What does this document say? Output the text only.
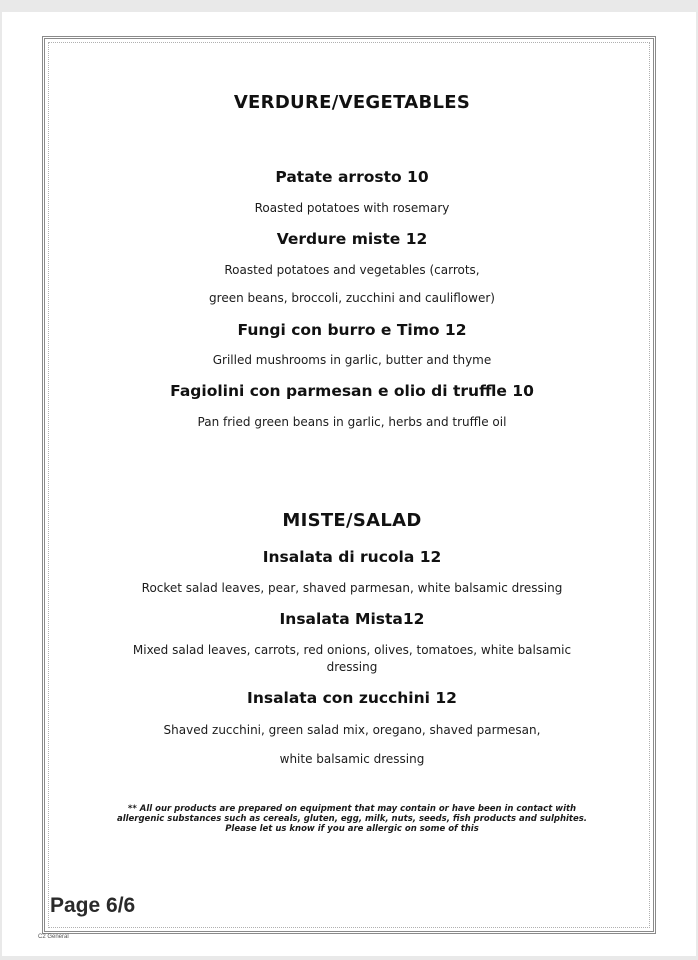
VERDURE/VEGETABLES
Patate arrosto 10
Roasted potatoes with rosemary
Verdure miste 12
Roasted potatoes and vegetables (carrots,
green beans, broccoli, zucchini and cauliflower)
Fungi con burro e Timo 12
Grilled mushrooms in garlic, butter and thyme
Fagiolini con parmesan e olio di truffle 10
Pan fried green beans in garlic, herbs and truffle oil
MISTE/SALAD
Insalata di rucola 12
Rocket salad leaves, pear, shaved parmesan, white balsamic dressing
Insalata Mista12
Mixed salad leaves, carrots, red onions, olives, tomatoes, white balsamic
dressing
Insalata con zucchini 12
Shaved zucchini, green salad mix, oregano, shaved parmesan,
white balsamic dressing
** All our products are prepared on equipment that may contain or have been in contact with
allergenic substances such as cereals, gluten, egg, milk, nuts, seeds, fish products and sulphites.
Please let us know if you are allergic on some of this
Page 6/6
C2 General
